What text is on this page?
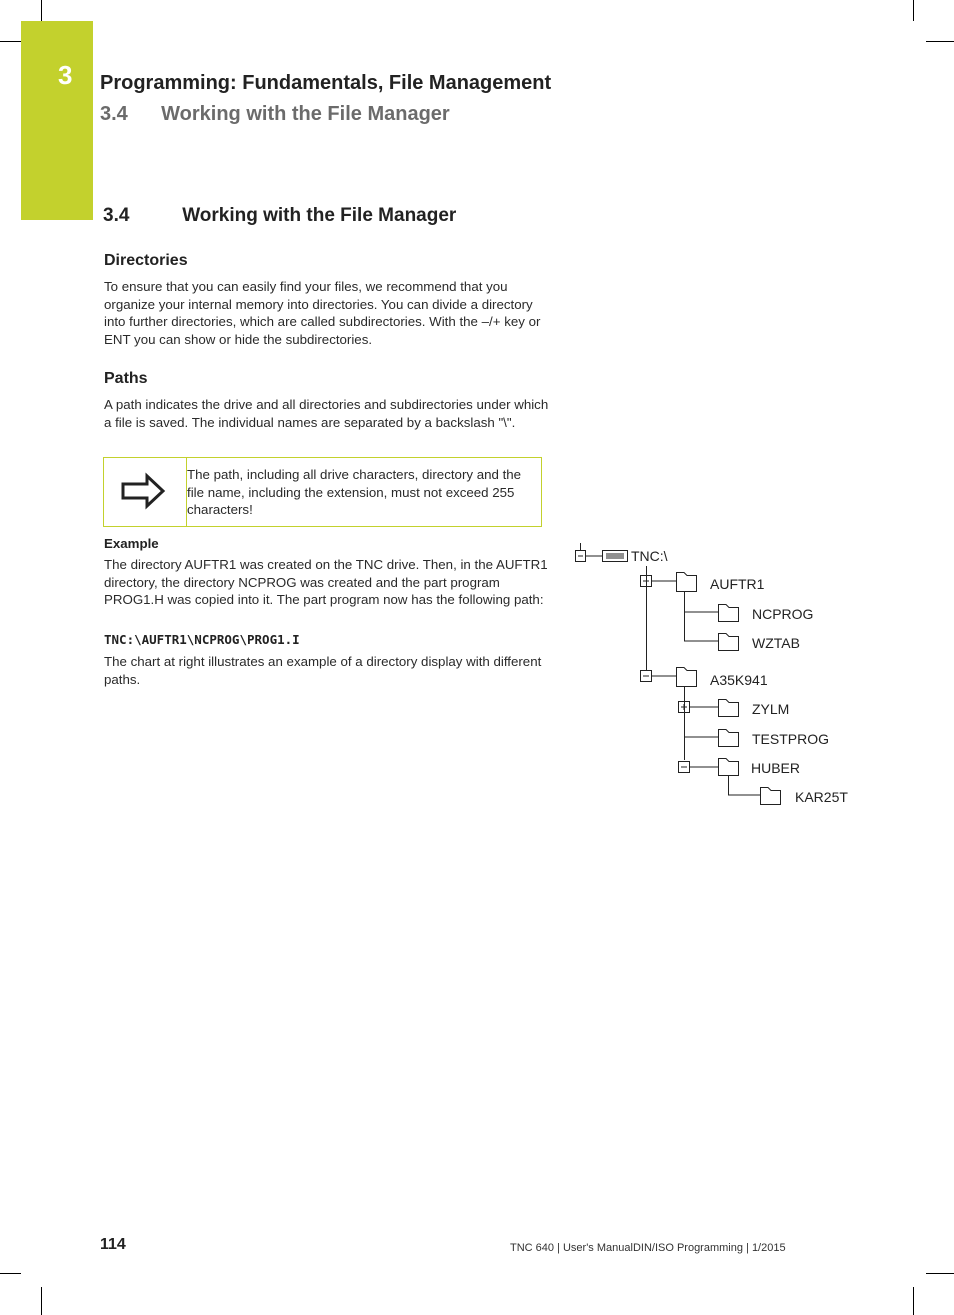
3 Programming: Fundamentals, File Management
3.4      Working with the File Manager
3.4          Working with the File Manager
Directories
To ensure that you can easily find your files, we recommend that you organize your internal memory into directories. You can divide a directory into further directories, which are called subdirectories. With the –/+ key or ENT you can show or hide the subdirectories.
Paths
A path indicates the drive and all directories and subdirectories under which a file is saved. The individual names are separated by a backslash "\".
The path, including all drive characters, directory and the file name, including the extension, must not exceed 255 characters!
Example
The directory AUFTR1 was created on the TNC drive. Then, in the AUFTR1 directory, the directory NCPROG was created and the part program PROG1.H was copied into it. The part program now has the following path:
TNC:\AUFTR1\NCPROG\PROG1.I
The chart at right illustrates an example of a directory display with different paths.
TNC:\
AUFTR1
NCPROG
WZTAB
A35K941
ZYLM
TESTPROG
HUBER
KAR25T
114	TNC 640 | User's ManualDIN/ISO Programming | 1/2015
